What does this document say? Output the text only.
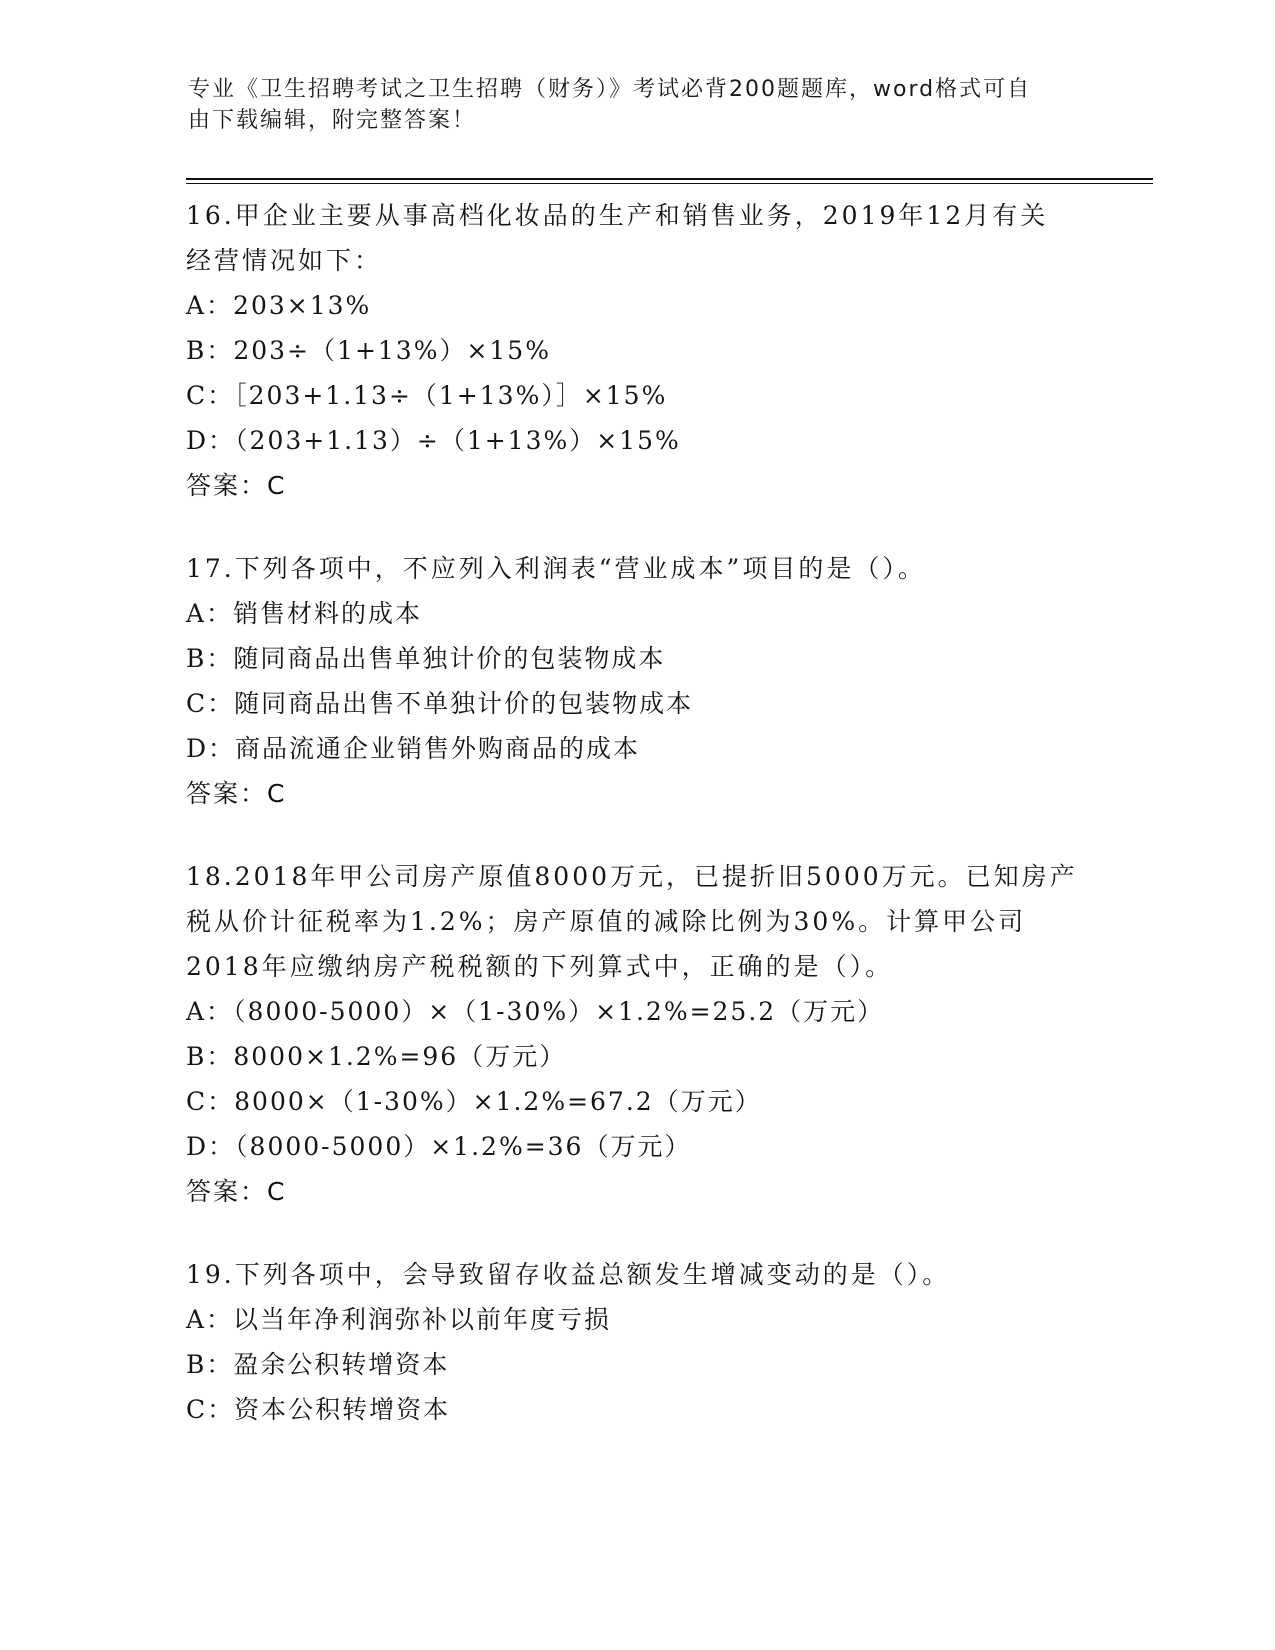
专业《卫生招聘考试之卫生招聘（财务）》考试必背200题题库，word格式可自
由下载编辑，附完整答案！
16.甲企业主要从事高档化妆品的生产和销售业务，2019年12月有关
经营情况如下：
A：203×13%
B：203÷（1+13%）×15%
C：［203+1.13÷（1+13%）］×15%
D：（203+1.13）÷（1+13%）×15%
答案：C
17.下列各项中，不应列入利润表“营业成本”项目的是（）。
A：销售材料的成本
B：随同商品出售单独计价的包装物成本
C：随同商品出售不单独计价的包装物成本
D：商品流通企业销售外购商品的成本
答案：C
18.2018年甲公司房产原值8000万元，已提折旧5000万元。已知房产
税从价计征税率为1.2%；房产原值的减除比例为30%。计算甲公司
2018年应缴纳房产税税额的下列算式中，正确的是（）。
A：（8000-5000）×（1-30%）×1.2%=25.2（万元）
B：8000×1.2%=96（万元）
C：8000×（1-30%）×1.2%=67.2（万元）
D：（8000-5000）×1.2%=36（万元）
答案：C
19.下列各项中，会导致留存收益总额发生增减变动的是（）。
A：以当年净利润弥补以前年度亏损
B：盈余公积转增资本
C：资本公积转增资本
